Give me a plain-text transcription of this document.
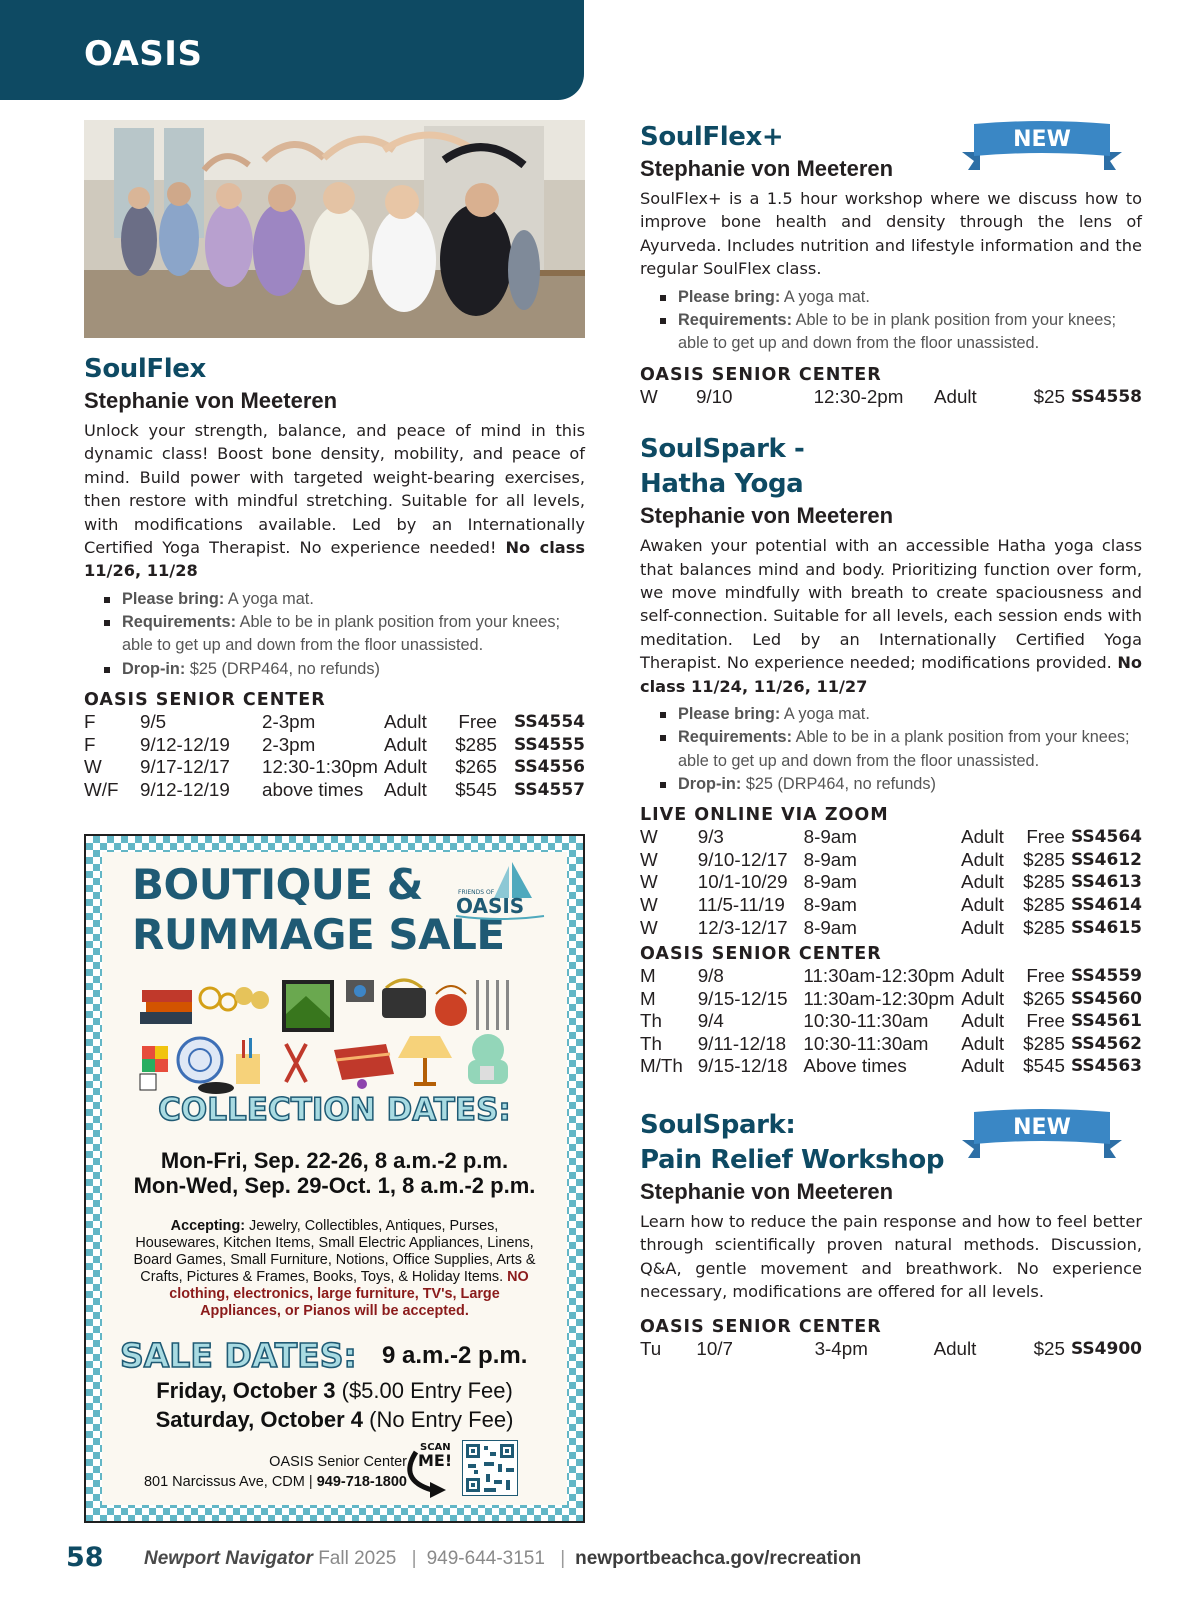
OASIS
SoulFlex
Stephanie von Meeteren

Unlock your strength, balance, and peace of mind in this dynamic class! Boost bone density, mobility, and peace of mind. Build power with targeted weight-bearing exercises, then restore with mindful stretching. Suitable for all levels, with modifications available. Led by an Internationally Certified Yoga Therapist. No experience needed! No class 11/26, 11/28

Please bring: A yoga mat.
Requirements: Able to be in plank position from your knees; able to get up and down from the floor unassisted.
Drop-in: $25 (DRP464, no refunds)
OASIS SENIOR CENTER
F	9/5	2-3pm	Adult	Free	SS4554
F	9/12-12/19	2-3pm	Adult	$285	SS4555
W	9/17-12/17	12:30-1:30pm	Adult	$265	SS4556
W/F	9/12-12/19	above times	Adult	$545	SS4557
BOUTIQUE &
RUMMAGE SALE
FRIENDS OF
OASIS
COLLECTION DATES:
Mon-Fri, Sep. 22-26, 8 a.m.-2 p.m.
Mon-Wed, Sep. 29-Oct. 1, 8 a.m.-2 p.m.
Accepting: Jewelry, Collectibles, Antiques, Purses, Housewares, Kitchen Items, Small Electric Appliances, Linens, Board Games, Small Furniture, Notions, Office Supplies, Arts & Crafts, Pictures & Frames, Books, Toys, & Holiday Items. NO clothing, electronics, large furniture, TV's, Large Appliances, or Pianos will be accepted.
SALE DATES: 9 a.m.-2 p.m.
Friday, October 3 ($5.00 Entry Fee)
Saturday, October 4 (No Entry Fee)
OASIS Senior Center
801 Narcissus Ave, CDM | 949-718-1800
SCAN
ME!
NEW
SoulFlex+
Stephanie von Meeteren

SoulFlex+ is a 1.5 hour workshop where we discuss how to improve bone health and density through the lens of Ayurveda. Includes nutrition and lifestyle information and the regular SoulFlex class.

Please bring: A yoga mat.
Requirements: Able to be in plank position from your knees; able to get up and down from the floor unassisted.
OASIS SENIOR CENTER
W	9/10	12:30-2pm	Adult	$25	SS4558
SoulSpark -
Hatha Yoga
Stephanie von Meeteren

Awaken your potential with an accessible Hatha yoga class that balances mind and body. Prioritizing function over form, we move mindfully with breath to create spaciousness and self-connection. Suitable for all levels, each session ends with meditation. Led by an Internationally Certified Yoga Therapist. No experience needed; modifications provided. No class 11/24, 11/26, 11/27

Please bring: A yoga mat.
Requirements: Able to be in a plank position from your knees; able to get up and down from the floor unassisted.
Drop-in: $25 (DRP464, no refunds)
LIVE ONLINE VIA ZOOM
W	9/3	8-9am	Adult	Free	SS4564
W	9/10-12/17	8-9am	Adult	$285	SS4612
W	10/1-10/29	8-9am	Adult	$285	SS4613
W	11/5-11/19	8-9am	Adult	$285	SS4614
W	12/3-12/17	8-9am	Adult	$285	SS4615
OASIS SENIOR CENTER
M	9/8	11:30am-12:30pm	Adult	Free	SS4559
M	9/15-12/15	11:30am-12:30pm	Adult	$265	SS4560
Th	9/4	10:30-11:30am	Adult	Free	SS4561
Th	9/11-12/18	10:30-11:30am	Adult	$285	SS4562
M/Th	9/15-12/18	Above times	Adult	$545	SS4563
NEW
SoulSpark:
Pain Relief Workshop
Stephanie von Meeteren

Learn how to reduce the pain response and how to feel better through scientifically proven natural methods. Discussion, Q&A, gentle movement and breathwork. No experience necessary, modifications are offered for all levels.

OASIS SENIOR CENTER
Tu	10/7	3-4pm	Adult	$25	SS4900
58 Newport Navigator Fall 2025 | 949-644-3151 | newportbeachca.gov/recreation
